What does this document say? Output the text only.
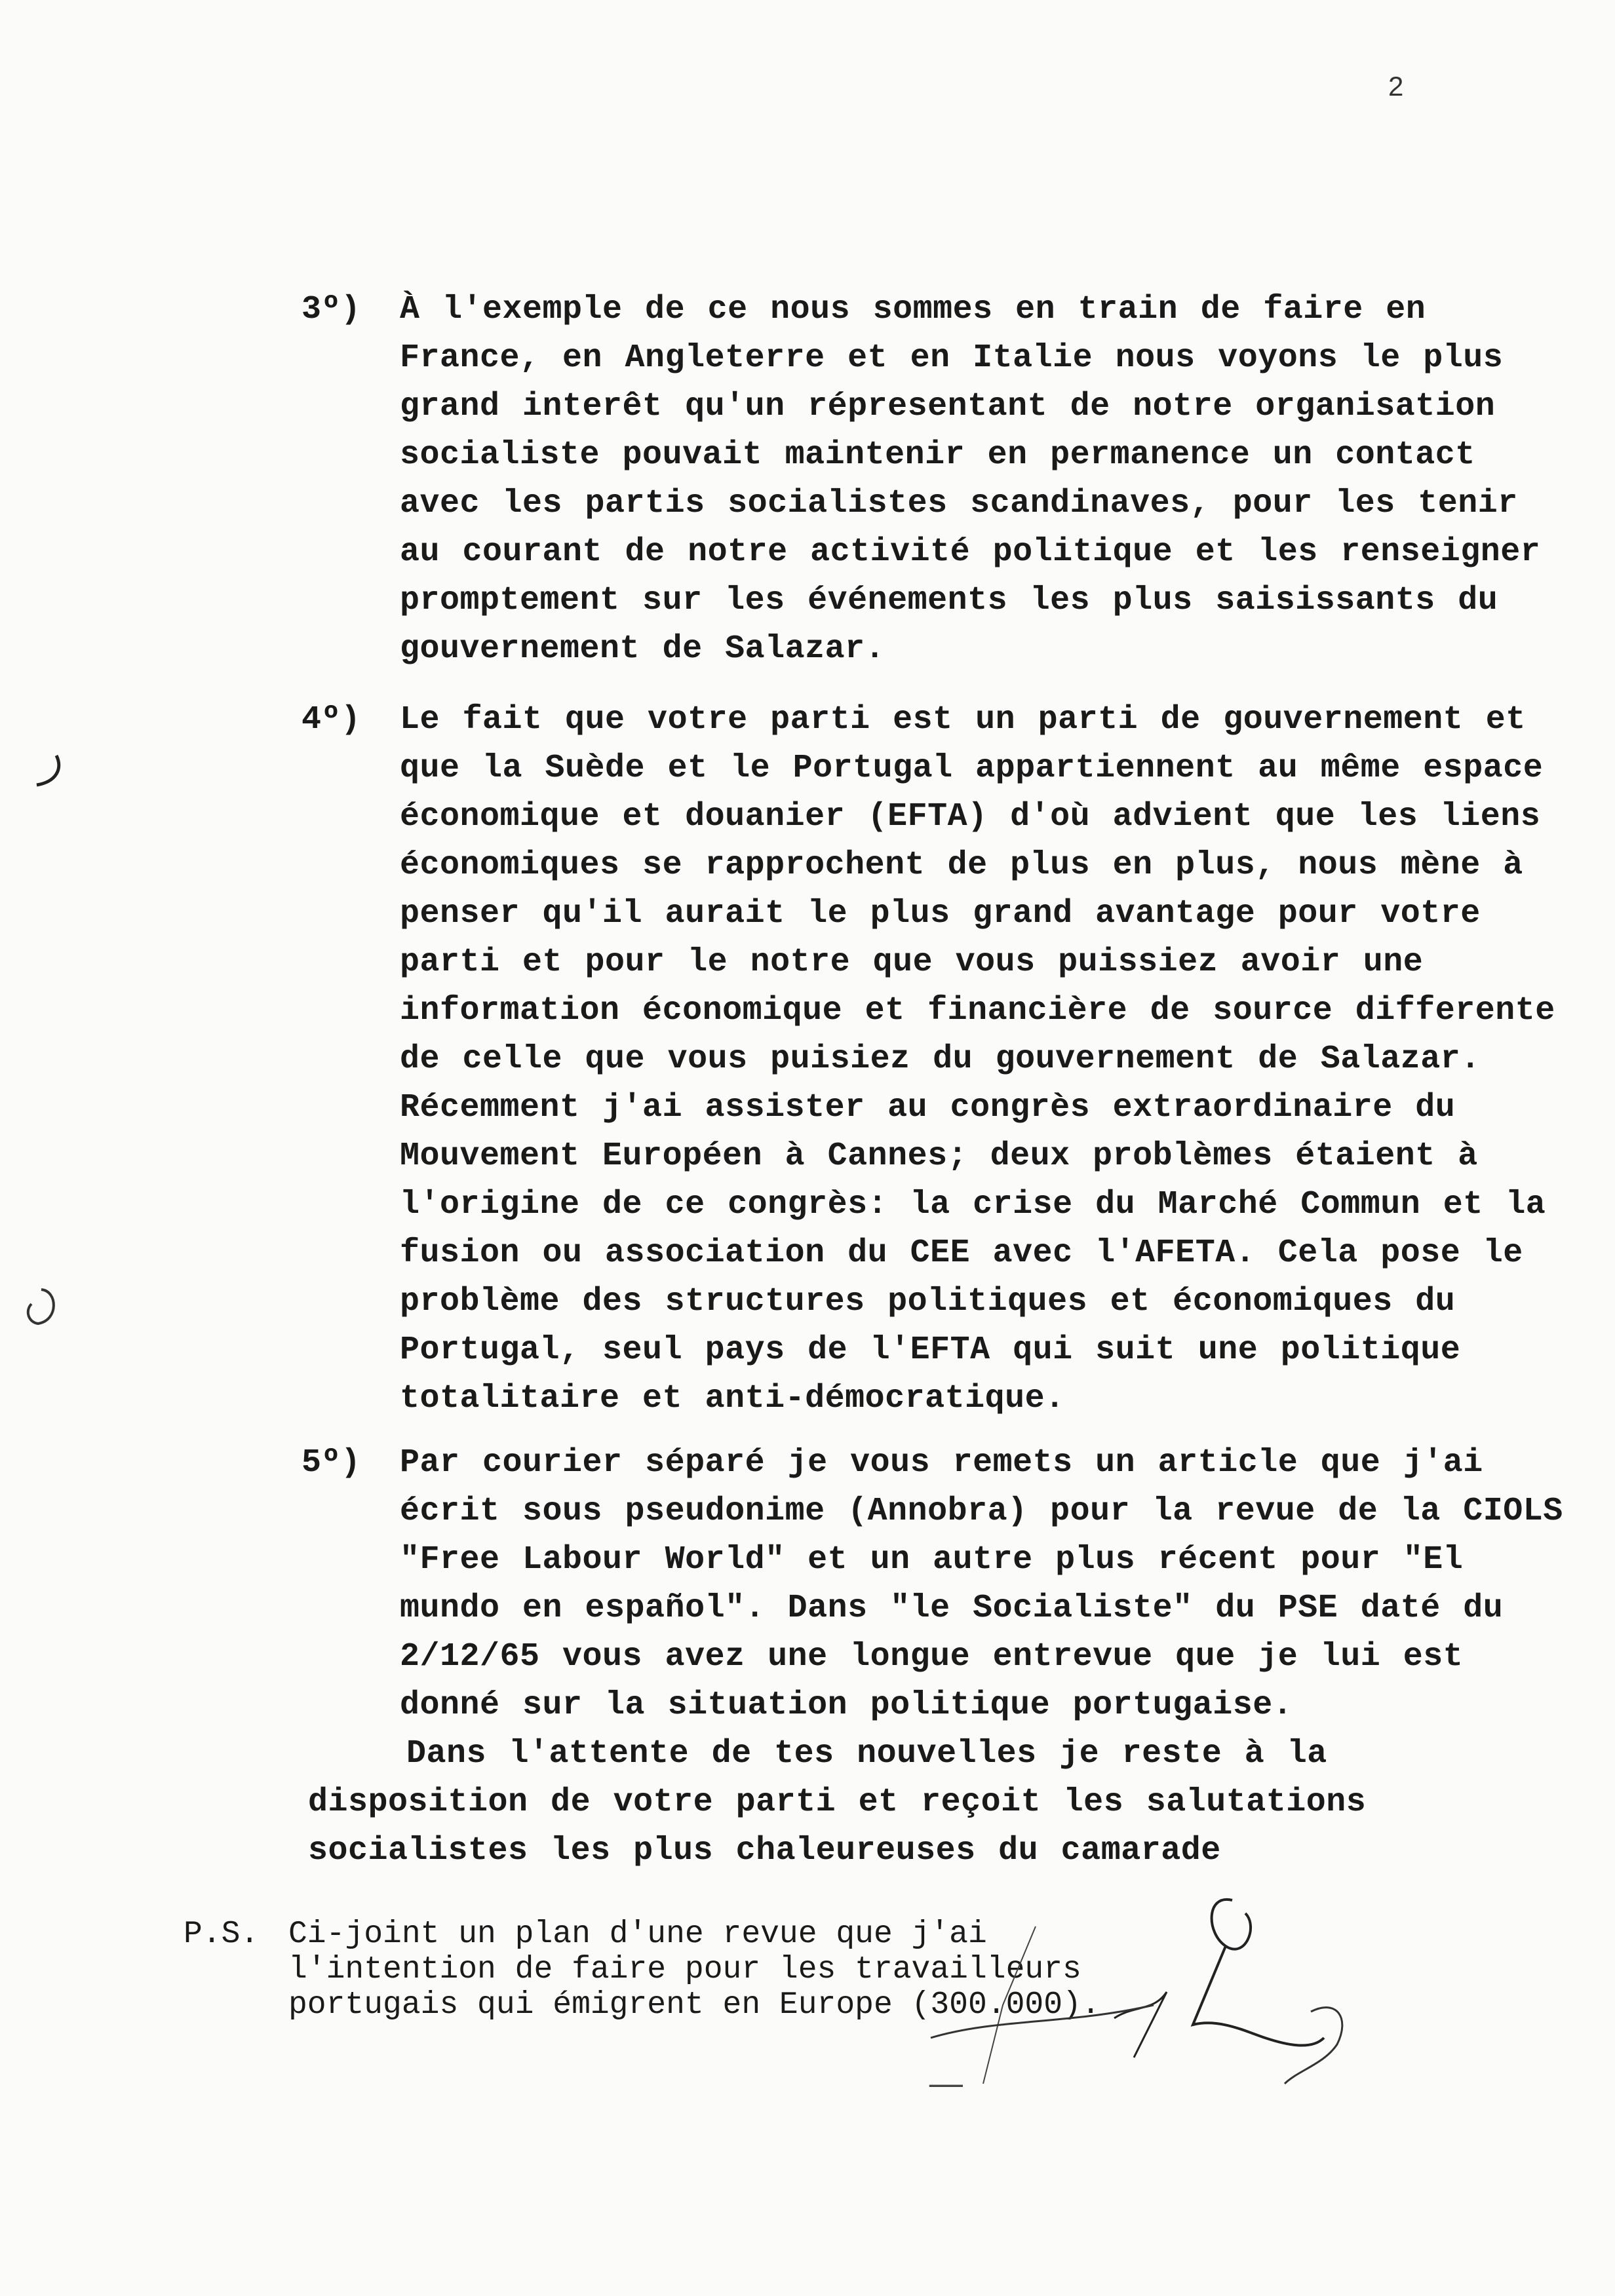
2
3º)	À l'exemple de ce nous sommes en train de faire en France, en Angleterre et en Italie nous voyons le plus grand interêt qu'un répresentant de notre organisation socialiste pouvait maintenir en permanence un contact avec les partis socialistes scandinaves, pour les tenir au courant de notre activité politique et les renseigner promptement sur les événements les plus saisissants du gouvernement de Salazar.
4º)	Le fait que votre parti est un parti de gouvernement et que la Suède et le Portugal appartiennent au même espace économique et douanier (EFTA) d'où advient que les liens économiques se rapprochent de plus en plus, nous mène à penser qu'il aurait le plus grand avantage pour votre parti et pour le notre que vous puissiez avoir une information économique et financière de source differente de celle que vous puisiez du gouvernement de Salazar. Récemment j'ai assister au congrès extraordinaire du Mouvement Européen à Cannes; deux problèmes étaient à l'origine de ce congrès: la crise du Marché Commun et la fusion ou association du CEE avec l'AFETA. Cela pose le problème des structures politiques et économiques du Portugal, seul pays de l'EFTA qui suit une politique totalitaire et anti-démocratique.
5º)	Par courier séparé je vous remets un article que j'ai écrit sous pseudonime (Annobra) pour la revue de la CIOLS "Free Labour World" et un autre plus récent pour "El mundo en español". Dans "le Socialiste" du PSE daté du 2/12/65 vous avez une longue entrevue que je lui est donné sur la situation politique portugaise.
Dans l'attente de tes nouvelles je reste à la disposition de votre parti et reçoit les salutations socialistes les plus chaleureuses du camarade
P.S. Ci-joint un plan d'une revue que j'ai l'intention de faire pour les travailleurs portugais qui émigrent en Europe (300.000).
▔▔▔
